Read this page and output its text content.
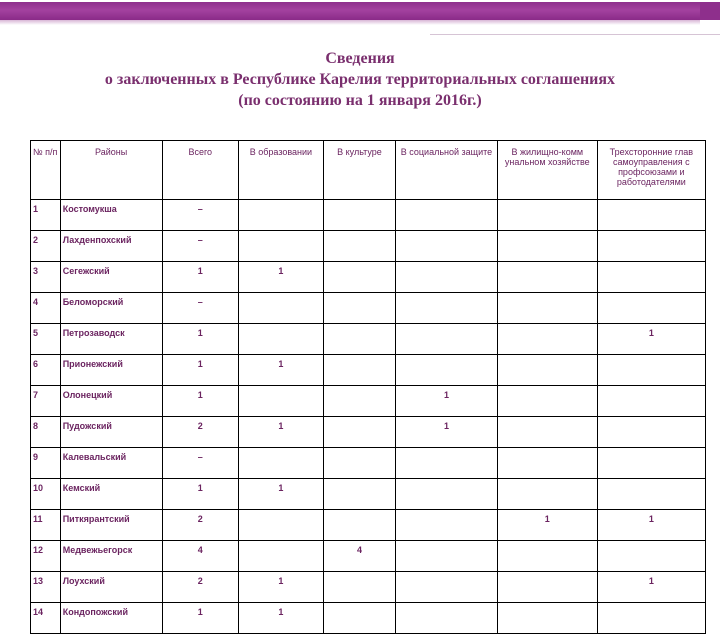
Сведения
о заключенных в Республике Карелия территориальных соглашениях
(по состоянию на 1 января 2016г.)
№ п/п	Районы	Всего	В образовании	В культуре	В социальной защите	В жилищно-комм унальном хозяйстве	Трехсторонние глав самоуправления с профсоюзами и работодателями
1	Костомукша	–					
2	Лахденпохский	–					
3	Сегежский	1	1				
4	Беломорский	–					
5	Петрозаводск	1					1
6	Прионежский	1	1				
7	Олонецкий	1			1		
8	Пудожский	2	1		1		
9	Калевальский	–					
10	Кемский	1	1				
11	Питкярантский	2				1	1
12	Медвежьегорск	4		4			
13	Лоухский	2	1				1
14	Кондопожский	1	1				
